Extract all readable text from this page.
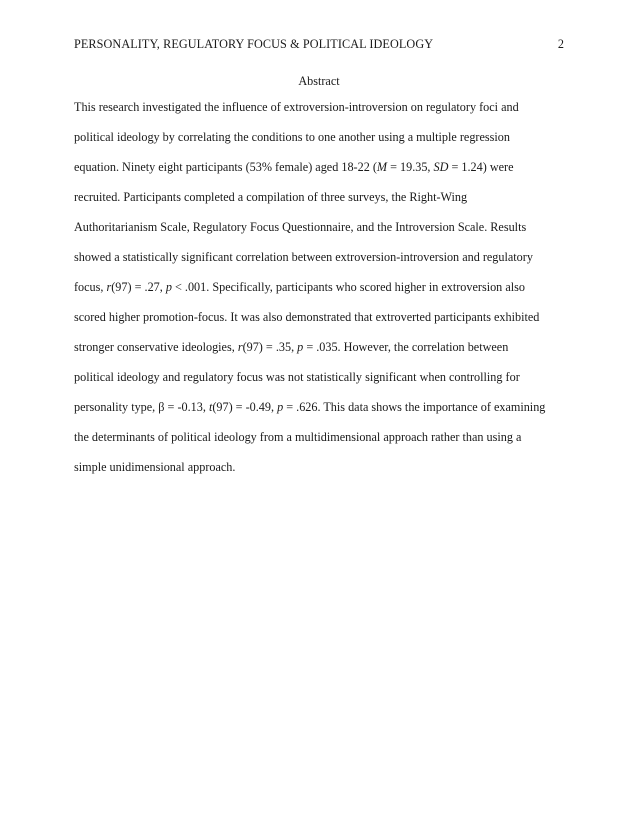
PERSONALITY, REGULATORY FOCUS & POLITICAL IDEOLOGY	2
Abstract
This research investigated the influence of extroversion-introversion on regulatory foci and
political ideology by correlating the conditions to one another using a multiple regression
equation. Ninety eight participants (53% female) aged 18-22 (M = 19.35, SD = 1.24) were
recruited. Participants completed a compilation of three surveys, the Right-Wing
Authoritarianism Scale, Regulatory Focus Questionnaire, and the Introversion Scale. Results
showed a statistically significant correlation between extroversion-introversion and regulatory
focus, r(97) = .27, p < .001. Specifically, participants who scored higher in extroversion also
scored higher promotion-focus. It was also demonstrated that extroverted participants exhibited
stronger conservative ideologies, r(97) = .35, p = .035. However, the correlation between
political ideology and regulatory focus was not statistically significant when controlling for
personality type, β = -0.13, t(97) = -0.49, p = .626. This data shows the importance of examining
the determinants of political ideology from a multidimensional approach rather than using a
simple unidimensional approach.
